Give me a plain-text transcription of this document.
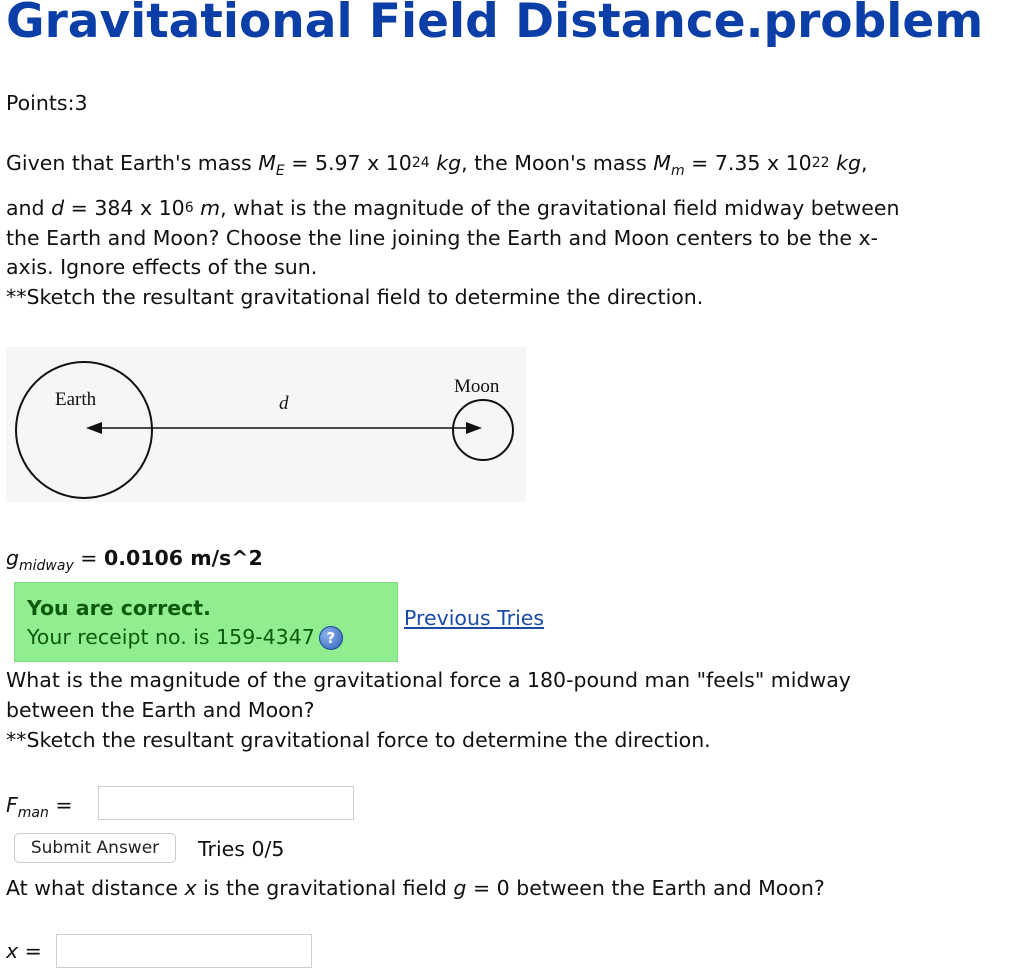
Gravitational Field Distance.problem
Points:3
Given that Earth's mass $M_E = 5.97$ x $10^{24}$ kg, the Moon's mass $M_m = 7.35$ x $10^{22}$ kg,
and d = 384 x $10^6$ m, what is the magnitude of the gravitational field midway between
the Earth and Moon? Choose the line joining the Earth and Moon centers to be the x-
axis. Ignore effects of the sun.
**Sketch the resultant gravitational field to determine the direction.
Earth	d
Moon
$g_{midway} = 0.0106$ m/s^2
You are correct.
Your receipt no. is 159-4347 ?
Previous Tries
What is the magnitude of the gravitational force a 180-pound man "feels" midway
between the Earth and Moon?
**Sketch the resultant gravitational force to determine the direction.
$F_{man}$ =
Submit Answer	Tries 0/5
At what distance x is the gravitational field g = 0 between the Earth and Moon?
x =
